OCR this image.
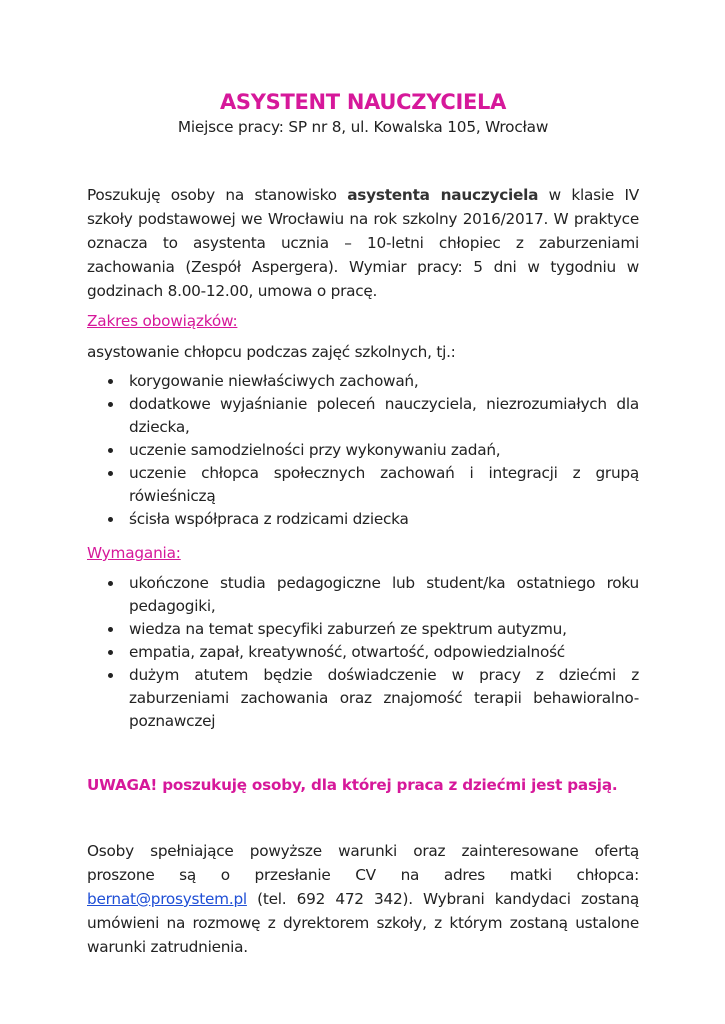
ASYSTENT NAUCZYCIELA

Miejsce pracy: SP nr 8, ul. Kowalska 105, Wrocław

Poszukuję osoby na stanowisko asystenta nauczyciela w klasie IV szkoły podstawowej we Wrocławiu na rok szkolny 2016/2017. W praktyce oznacza to asystenta ucznia – 10-letni chłopiec z zaburzeniami zachowania (Zespół Aspergera). Wymiar pracy: 5 dni w tygodniu w godzinach 8.00-12.00, umowa o pracę.

Zakres obowiązków:

asystowanie chłopcu podczas zajęć szkolnych, tj.:

korygowanie niewłaściwych zachowań,
dodatkowe wyjaśnianie poleceń nauczyciela, niezrozumiałych dla dziecka,
uczenie samodzielności przy wykonywaniu zadań,
uczenie chłopca społecznych zachowań i integracji z grupą rówieśniczą
ścisła współpraca z rodzicami dziecka
Wymagania:
ukończone studia pedagogiczne lub student/ka ostatniego roku pedagogiki,
wiedza na temat specyfiki zaburzeń ze spektrum autyzmu,
empatia, zapał, kreatywność, otwartość, odpowiedzialność
dużym atutem będzie doświadczenie w pracy z dziećmi z zaburzeniami zachowania oraz znajomość terapii behawioralno-poznawczej

UWAGA! poszukuję osoby, dla której praca z dziećmi jest pasją.

Osoby spełniające powyższe warunki oraz zainteresowane ofertą proszone są o przesłanie CV na adres matki chłopca: bernat@prosystem.pl (tel. 692 472 342). Wybrani kandydaci zostaną umówieni na rozmowę z dyrektorem szkoły, z którym zostaną ustalone warunki zatrudnienia.
